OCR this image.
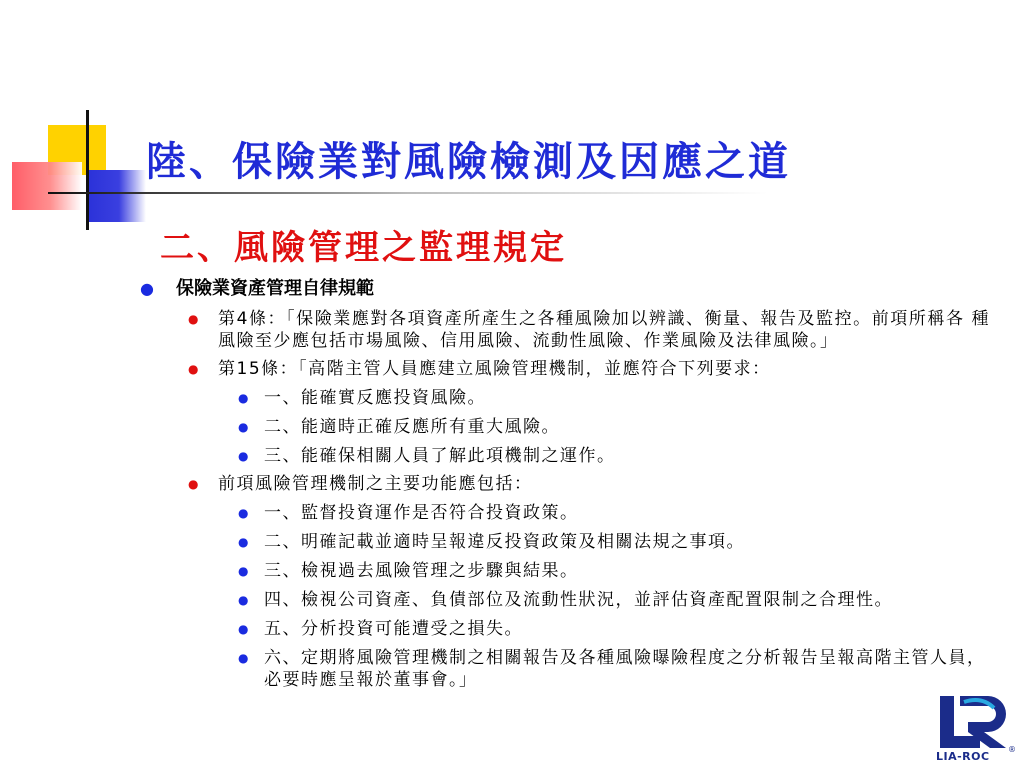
陸、保險業對風險檢測及因應之道
二、風險管理之監理規定
● 保險業資產管理自律規範
● 第4條：「保險業應對各項資產所產生之各種風險加以辨識、衡量、報告及監控。前項所稱各 種風險至少應包括市場風險、信用風險、流動性風險、作業風險及法律風險。」
● 第15條：「高階主管人員應建立風險管理機制，並應符合下列要求：
● 一、能確實反應投資風險。
● 二、能適時正確反應所有重大風險。
● 三、能確保相關人員了解此項機制之運作。
● 前項風險管理機制之主要功能應包括：
● 一、監督投資運作是否符合投資政策。
● 二、明確記載並適時呈報違反投資政策及相關法規之事項。
● 三、檢視過去風險管理之步驟與結果。
● 四、檢視公司資產、負債部位及流動性狀況，並評估資產配置限制之合理性。
● 五、分析投資可能遭受之損失。
● 六、定期將風險管理機制之相關報告及各種風險曝險程度之分析報告呈報高階主管人員，必要時應呈報於董事會。」
®
LIA-ROC
